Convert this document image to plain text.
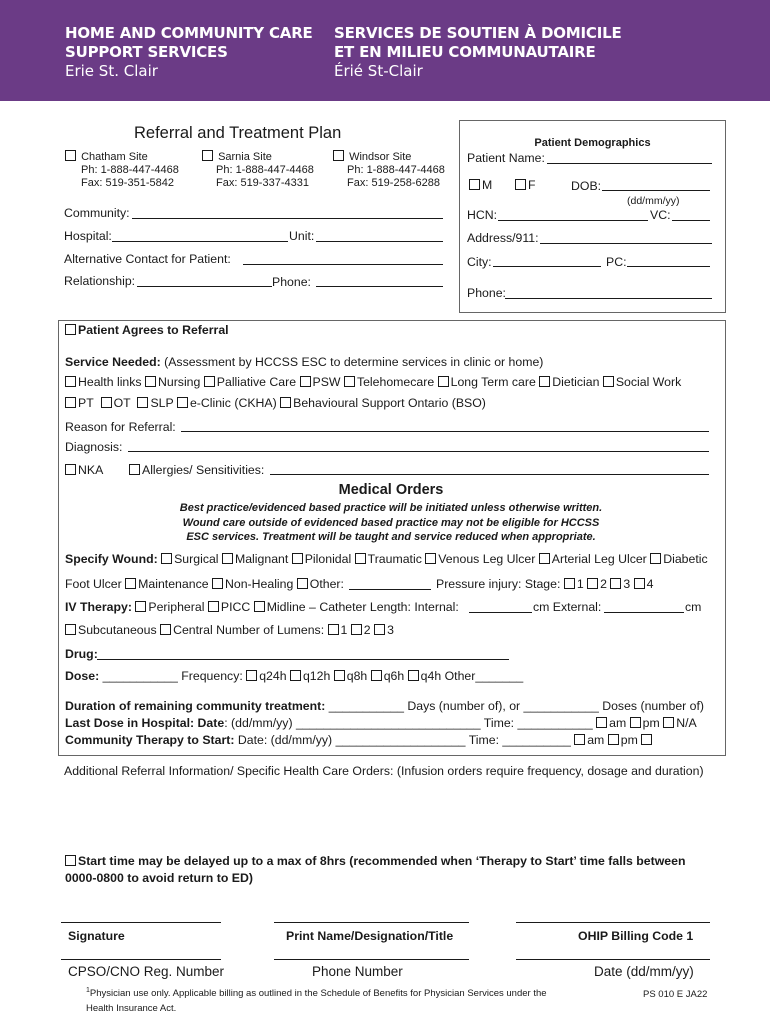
HOME AND COMMUNITY CARE
SUPPORT SERVICES
Erie St. Clair
SERVICES DE SOUTIEN À DOMICILE
ET EN MILIEU COMMUNAUTAIRE
Érié St-Clair
Referral and Treatment Plan
Chatham Site
Ph: 1-888-447-4468
Fax: 519-351-5842
Sarnia Site
Ph: 1-888-447-4468
Fax: 519-337-4331
Windsor Site
Ph: 1-888-447-4468
Fax: 519-258-6288
Community:
Hospital:	Unit:
Alternative Contact for Patient:
Relationship:	Phone:
Patient Demographics
Patient Name:
M	F	DOB:
(dd/mm/yy)
HCN:	VC:
Address/911:
City:	PC:
Phone:
Patient Agrees to Referral
Service Needed: (Assessment by HCCSS ESC to determine services in clinic or home)
Health links Nursing Palliative Care PSW Telehomecare Long Term care Dietician Social Work
PT OT SLP e-Clinic (CKHA) Behavioural Support Ontario (BSO)
Reason for Referral:
Diagnosis:
NKA	Allergies/ Sensitivities:
Medical Orders
Best practice/evidenced based practice will be initiated unless otherwise written.
Wound care outside of evidenced based practice may not be eligible for HCCSS
ESC services. Treatment will be taught and service reduced when appropriate.
Specify Wound: Surgical Malignant Pilonidal Traumatic Venous Leg Ulcer Arterial Leg Ulcer Diabetic
Foot Ulcer Maintenance Non-Healing Other:	Pressure injury: Stage: 1 2 3 4
IV Therapy: Peripheral PICC Midline – Catheter Length: Internal:	cm External:	cm
Subcutaneous Central Number of Lumens: 1 2 3
Drug:
Dose: ___________ Frequency: q24h q12h q8h q6h q4h Other_______
Duration of remaining community treatment: ___________ Days (number of), or ___________ Doses (number of)
Last Dose in Hospital: Date: (dd/mm/yy) ___________________________ Time: ___________ am pm N/A
Community Therapy to Start: Date: (dd/mm/yy) ___________________ Time: __________ am pm
Additional Referral Information/ Specific Health Care Orders: (Infusion orders require frequency, dosage and duration)
Start time may be delayed up to a max of 8hrs (recommended when ‘Therapy to Start’ time falls between
0000-0800 to avoid return to ED)
Signature	Print Name/Designation/Title	OHIP Billing Code 1
CPSO/CNO Reg. Number	Phone Number	Date (dd/mm/yy)
$^1$Physician use only. Applicable billing as outlined in the Schedule of Benefits for Physician Services under the
Health Insurance Act.
PS 010 E JA22
